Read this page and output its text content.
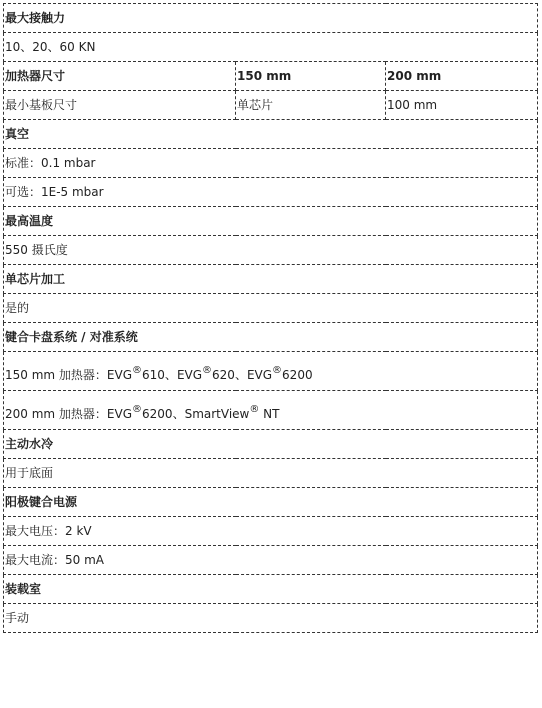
最大接触力		
10、20、60 KN		
加热器尺寸	150 mm	200 mm
最小基板尺寸	单芯片	100 mm
真空		
标准：0.1 mbar		
可选：1E-5 mbar		
最高温度		
550 摄氏度		
单芯片加工		
是的		
键合卡盘系统 / 对准系统		
150 mm 加热器：EVG®610、EVG®620、EVG®6200		
200 mm 加热器：EVG®6200、SmartView® NT		
主动水冷		
用于底面		
阳极键合电源		
最大电压：2 kV		
最大电流：50 mA		
装载室		
手动		
